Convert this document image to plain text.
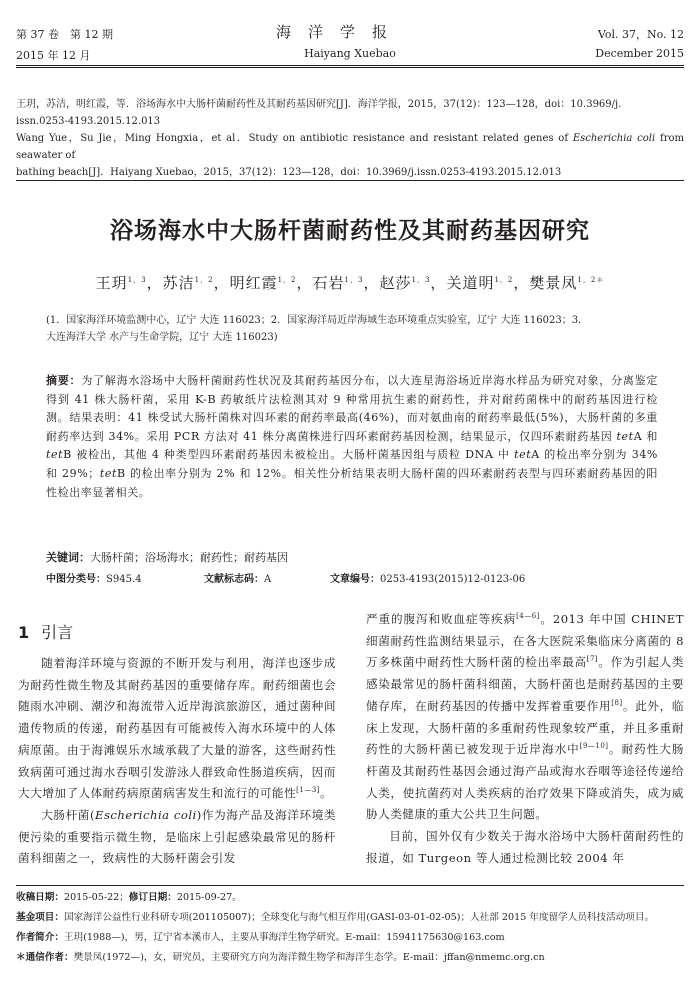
第 37 卷　第 12 期	海洋学报	Vol. 37，No. 12
2015 年 12 月	Haiyang Xuebao	December 2015
王玥，苏洁，明红霞，等．浴场海水中大肠杆菌耐药性及其耐药基因研究[J]．海洋学报，2015，37(12)：123—128，doi：10.3969/j.
issn.0253-4193.2015.12.013
Wang Yue，Su Jie，Ming Hongxia，et al．Study on antibiotic resistance and resistant related genes of Escherichia coli from seawater of
bathing beach[J]．Haiyang Xuebao，2015，37(12)：123—128，doi：10.3969/j.issn.0253-4193.2015.12.013
浴场海水中大肠杆菌耐药性及其耐药基因研究
王玥$^{1,3}$，苏洁$^{1,2}$，明红霞$^{1,2}$，石岩$^{1,3}$，赵莎$^{1,3}$，关道明$^{1,2}$，樊景凤$^{1,2*}$
(1．国家海洋环境监测中心，辽宁 大连 116023；2．国家海洋局近岸海域生态环境重点实验室，辽宁 大连 116023；3．
大连海洋大学 水产与生命学院，辽宁 大连 116023)
摘要：为了解海水浴场中大肠杆菌耐药性状况及其耐药基因分布，以大连星海浴场近岸海水样品为研究对象，分离鉴定得到 41 株大肠杆菌，采用 K-B 药敏纸片法检测其对 9 种常用抗生素的耐药性，并对耐药菌株中的耐药基因进行检测。结果表明：41 株受试大肠杆菌株对四环素的耐药率最高(46%)，而对氨曲南的耐药率最低(5%)，大肠杆菌的多重耐药率达到 34%。采用 PCR 方法对 41 株分离菌株进行四环素耐药基因检测，结果显示，仅四环素耐药基因 tetA 和 tetB 被检出，其他 4 种类型四环素耐药基因未被检出。大肠杆菌基因组与质粒 DNA 中 tetA 的检出率分别为 34% 和 29%；tetB 的检出率分别为 2% 和 12%。相关性分析结果表明大肠杆菌的四环素耐药表型与四环素耐药基因的阳性检出率显著相关。
关键词：大肠杆菌；浴场海水；耐药性；耐药基因
中图分类号：S945.4	文献标志码：A	文章编号：0253-4193(2015)12-0123-06
1 引言

随着海洋环境与资源的不断开发与利用，海洋也逐步成为耐药性微生物及其耐药基因的重要储存库。耐药细菌也会随雨水冲刷、潮汐和海流带入近岸海滨旅游区，通过菌种间遗传物质的传递，耐药基因有可能被传入海水环境中的人体病原菌。由于海滩娱乐水域承载了大量的游客，这些耐药性致病菌可通过海水吞咽引发游泳人群致命性肠道疾病，因而大大增加了人体耐药病原菌病害发生和流行的可能性[1—3]。

大肠杆菌(Escherichia coli)作为海产品及海洋环境类便污染的重要指示微生物，是临床上引起感染最常见的肠杆菌科细菌之一，致病性的大肠杆菌会引发

严重的腹泻和败血症等疾病[4—6]。2013 年中国 CHINET 细菌耐药性监测结果显示，在各大医院采集临床分离菌的 8 万多株菌中耐药性大肠杆菌的检出率最高[7]。作为引起人类感染最常见的肠杆菌科细菌，大肠杆菌也是耐药基因的主要储存库，在耐药基因的传播中发挥着重要作用[8]。此外，临床上发现，大肠杆菌的多重耐药性现象较严重，并且多重耐药性的大肠杆菌已被发现于近岸海水中[9—10]。耐药性大肠杆菌及其耐药性基因会通过海产品或海水吞咽等途径传递给人类，使抗菌药对人类疾病的治疗效果下降或消失，成为威胁人类健康的重大公共卫生问题。

目前，国外仅有少数关于海水浴场中大肠杆菌耐药性的报道，如 Turgeon 等人通过检测比较 2004 年

收稿日期：2015-05-22；修订日期：2015-09-27。
基金项目：国家海洋公益性行业科研专项(201105007)；全球变化与海气相互作用(GASI-03-01-02-05)；人社部 2015 年度留学人员科技活动项目。
作者简介：王玥(1988—)，男，辽宁省本溪市人，主要从事海洋生物学研究。E-mail：15941175630@163.com
＊通信作者：樊景凤(1972—)，女，研究员，主要研究方向为海洋微生物学和海洋生态学。E-mail：jffan@nmemc.org.cn
